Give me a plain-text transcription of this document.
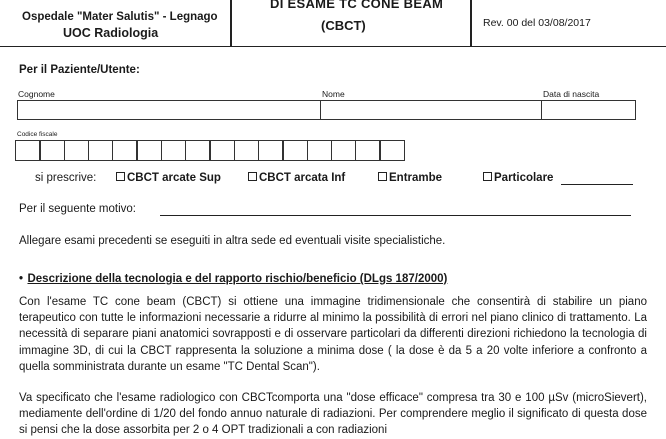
Ospedale "Mater Salutis" - Legnago
UOC Radiologia
DI ESAME TC CONE BEAM
(CBCT)	Rev. 00 del 03/08/2017
Per il Paziente/Utente:
Cognome	Nome	Data di nascita
Codice fiscale
si prescrive:	CBCT arcate Sup	CBCT arcata Inf	Entrambe	Particolare
Per il seguente motivo:
Allegare esami precedenti se eseguiti in altra sede ed eventuali visite specialistiche.
• Descrizione della tecnologia e del rapporto rischio/beneficio (DLgs 187/2000)
Con l'esame TC cone beam (CBCT) si ottiene una immagine tridimensionale che consentirà di stabilire un piano terapeutico con tutte le informazioni necessarie a ridurre al minimo la possibilità di errori nel piano clinico di trattamento. La necessità di separare piani anatomici sovrapposti e di osservare particolari da differenti direzioni richiedono la tecnologia di immagine 3D, di cui la CBCT rappresenta la soluzione a minima dose ( la dose è da 5 a 20 volte inferiore a confronto a quella somministrata durante un esame "TC Dental Scan").
Va specificato che l'esame radiologico con CBCTcomporta una "dose efficace" compresa tra 30 e 100 µSv (microSievert), mediamente dell'ordine di 1/20 del fondo annuo naturale di radiazioni. Per comprendere meglio il significato di questa dose si pensi che la dose assorbita per 2 o 4 OPT tradizionali a con radiazioni
